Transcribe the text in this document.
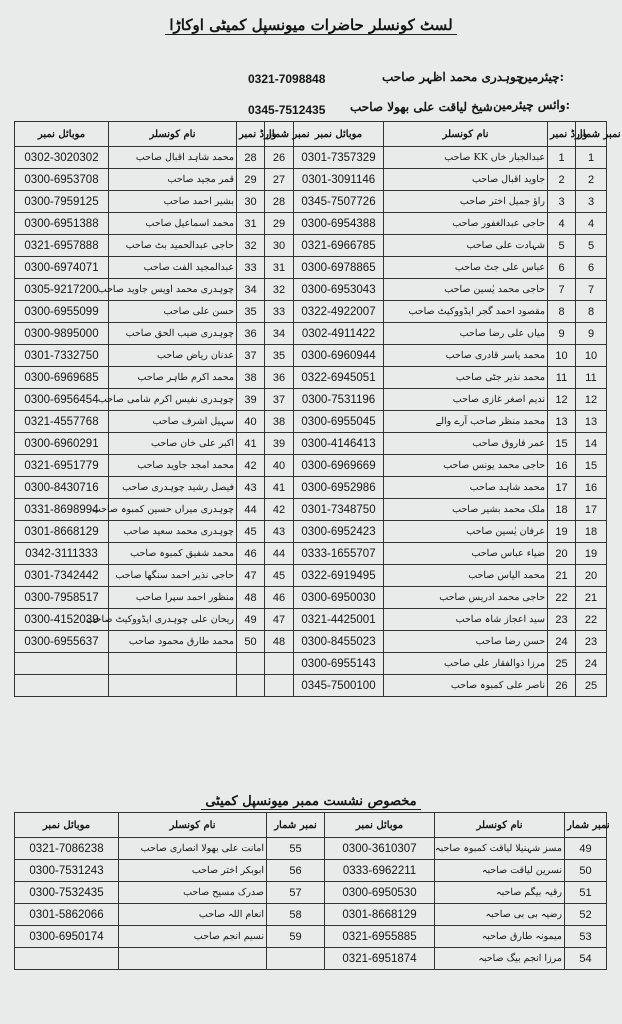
لسٹ کونسلر حاضرات میونسپل کمیٹی اوکاڑا
چیئرمین:
چوہدری محمد اظہر صاحب
0321-7098848
وائس چیئرمین:
شیخ لیاقت علی بھولا صاحب
0345-7512435
موبائل نمبر	نام کونسلر	وارڈ نمبر	نمبر شمار	موبائل نمبر	نام کونسلر	وارڈ نمبر	نمبر شمار
0302-3020302	محمد شاہد اقبال صاحب	28	26	0301-7357329	عبدالجبار خاں KK صاحب	1	1
0300-6953708	قمر مجید صاحب	29	27	0301-3091146	جاوید اقبال صاحب	2	2
0300-7959125	بشیر احمد صاحب	30	28	0345-7507726	راؤ جمیل اختر صاحب	3	3
0300-6951388	محمد اسماعیل صاحب	31	29	0300-6954388	حاجی عبدالغفور صاحب	4	4
0321-6957888	حاجی عبدالحمید بٹ صاحب	32	30	0321-6966785	شہادت علی صاحب	5	5
0300-6974071	عبدالمجید الفت صاحب	33	31	0300-6978865	عباس علی جٹ صاحب	6	6
0305-9217200	چوہدری محمد اویس جاوید صاحب	34	32	0300-6953043	حاجی محمد یٰسین صاحب	7	7
0300-6955099	حسن علی صاحب	35	33	0322-4922007	مقصود احمد گجر ایڈووکیٹ صاحب	8	8
0300-9895000	چوہدری ضیب الحق صاحب	36	34	0302-4911422	میاں علی رضا صاحب	9	9
0301-7332750	عدنان ریاض صاحب	37	35	0300-6960944	محمد یاسر قادری صاحب	10	10
0300-6969685	محمد اکرم طاہر صاحب	38	36	0322-6945051	محمد نذیر جٹی صاحب	11	11
0300-6956454	چوہدری نفیس اکرم شامی صاحب	39	37	0300-7531196	ندیم اصغر غازی صاحب	12	12
0321-4557768	سہیل اشرف صاحب	40	38	0300-6955045	محمد منظر صاحب آرے والے	13	13
0300-6960291	اکبر علی خان صاحب	41	39	0300-4146413	عمر فاروق صاحب	15	14
0321-6951779	محمد امجد جاوید صاحب	42	40	0300-6969669	حاجی محمد یونس صاحب	16	15
0300-8430716	فیصل رشید چوہدری صاحب	43	41	0300-6952986	محمد شاہد صاحب	17	16
0331-8698994	چوہدری میراں حسین کمبوہ صاحب	44	42	0301-7348750	ملک محمد بشیر صاحب	18	17
0301-8668129	چوہدری محمد سعید صاحب	45	43	0300-6952423	عرفان یٰسین صاحب	19	18
0342-3111333	محمد شفیق کمبوہ صاحب	46	44	0333-1655707	ضیاء عباس صاحب	20	19
0301-7342442	حاجی نذیر احمد سنگھا صاحب	47	45	0322-6919495	محمد الیاس صاحب	21	20
0300-7958517	منظور احمد سپرا صاحب	48	46	0300-6950030	حاجی محمد ادریس صاحب	22	21
0300-4152039	ریحان علی چوہدری ایڈووکیٹ صاحب	49	47	0321-4425001	سید اعجاز شاہ صاحب	23	22
0300-6955637	محمد طارق محمود صاحب	50	48	0300-8455023	حسن رضا صاحب	24	23
				0300-6955143	مرزا ذوالفقار علی صاحب	25	24
				0345-7500100	ناصر علی کمبوہ صاحب	26	25
مخصوص نشست ممبر میونسپل کمیٹی
موبائل نمبر	نام کونسلر	نمبر شمار	موبائل نمبر	نام کونسلر	نمبر شمار
0321-7086238	امانت علی بھولا انصاری صاحب	55	0300-3610307	مسز شہنیلا لیاقت کمبوہ صاحبہ	49
0300-7531243	ابوبکر اختر صاحب	56	0333-6962211	نسرین لیاقت صاحبہ	50
0300-7532435	صدرک مسیح صاحب	57	0300-6950530	رقیہ بیگم صاحبہ	51
0301-5862066	انعام اللہ صاحب	58	0301-8668129	رضیہ بی بی صاحبہ	52
0300-6950174	نسیم انجم صاحب	59	0321-6955885	میمونہ طارق صاحبہ	53
			0321-6951874	مرزا انجم بیگ صاحبہ	54
